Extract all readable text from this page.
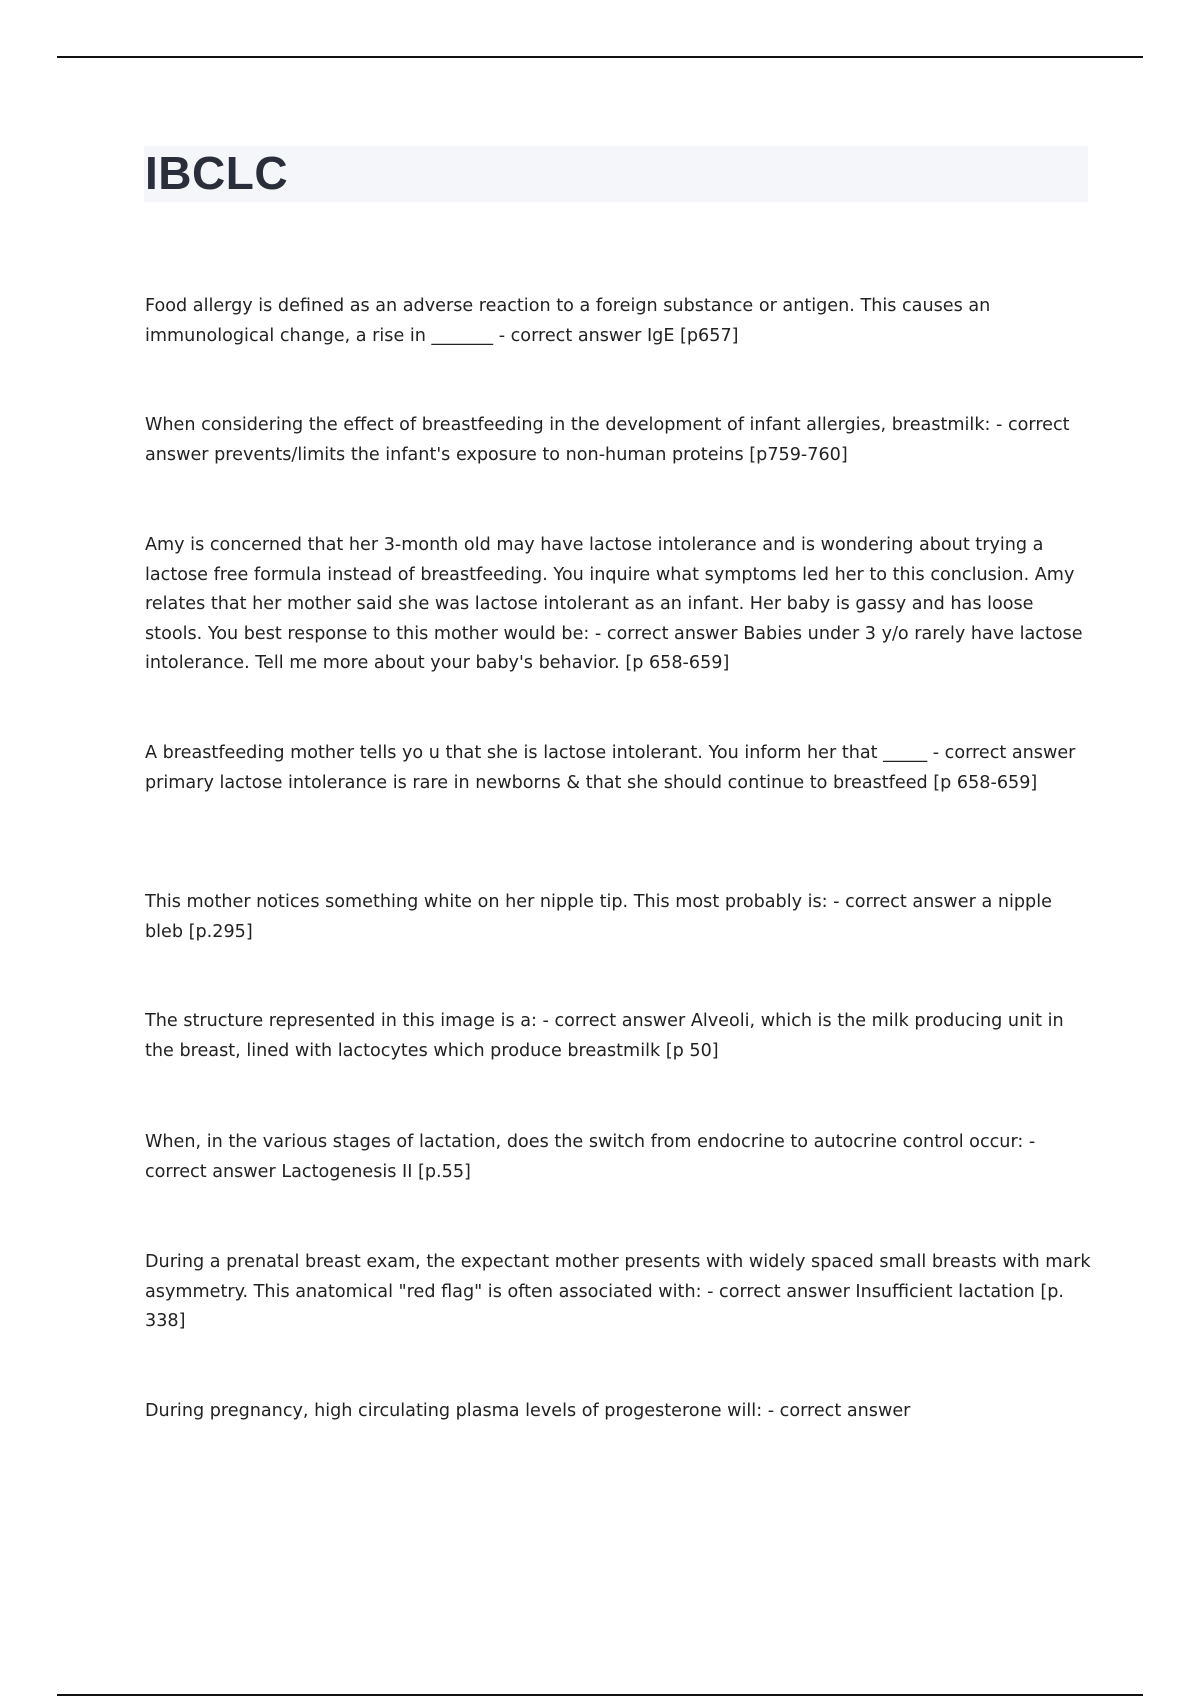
IBCLC

Food allergy is defined as an adverse reaction to a foreign substance or antigen. This causes an immunological change, a rise in _______ - correct answer IgE [p657]

When considering the effect of breastfeeding in the development of infant allergies, breastmilk: - correct answer prevents/limits the infant's exposure to non-human proteins [p759-760]

Amy is concerned that her 3-month old may have lactose intolerance and is wondering about trying a lactose free formula instead of breastfeeding. You inquire what symptoms led her to this conclusion. Amy relates that her mother said she was lactose intolerant as an infant. Her baby is gassy and has loose stools. You best response to this mother would be: - correct answer Babies under 3 y/o rarely have lactose intolerance. Tell me more about your baby's behavior. [p 658-659]

A breastfeeding mother tells yo u that she is lactose intolerant. You inform her that _____ - correct answer primary lactose intolerance is rare in newborns & that she should continue to breastfeed [p 658-659]

This mother notices something white on her nipple tip. This most probably is: - correct answer a nipple bleb [p.295]

The structure represented in this image is a: - correct answer Alveoli, which is the milk producing unit in the breast, lined with lactocytes which produce breastmilk [p 50]

When, in the various stages of lactation, does the switch from endocrine to autocrine control occur: - correct answer Lactogenesis II [p.55]

During a prenatal breast exam, the expectant mother presents with widely spaced small breasts with mark asymmetry. This anatomical "red flag" is often associated with: - correct answer Insufficient lactation [p. 338]

During pregnancy, high circulating plasma levels of progesterone will: - correct answer
